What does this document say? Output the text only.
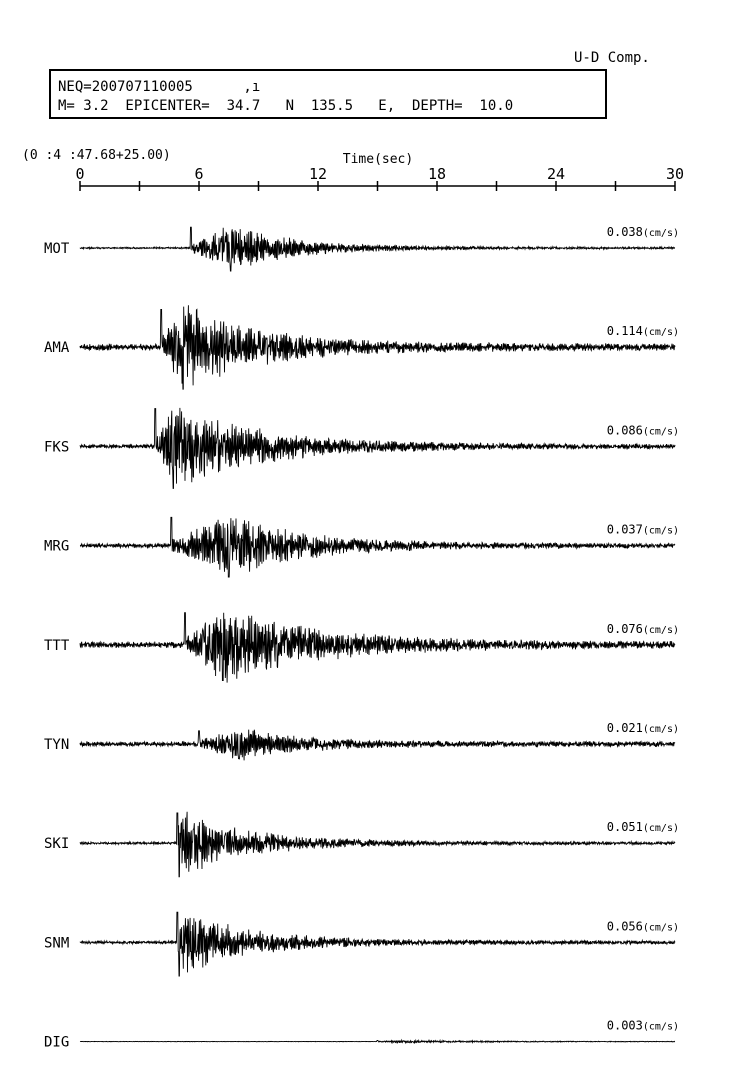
U-D Comp.
NEQ=200707110005      ,ı
M= 3.2  EPICENTER=  34.7   N  135.5   E,  DEPTH=  10.0
(0 :4 :47.68+25.00)	Time(sec)
0	6	12	18	24	30
MOT
0.038(cm/s)
AMA
0.114(cm/s)
FKS
0.086(cm/s)
MRG
0.037(cm/s)
TTT
0.076(cm/s)
TYN
0.021(cm/s)
SKI
0.051(cm/s)
SNM
0.056(cm/s)
DIG
0.003(cm/s)
